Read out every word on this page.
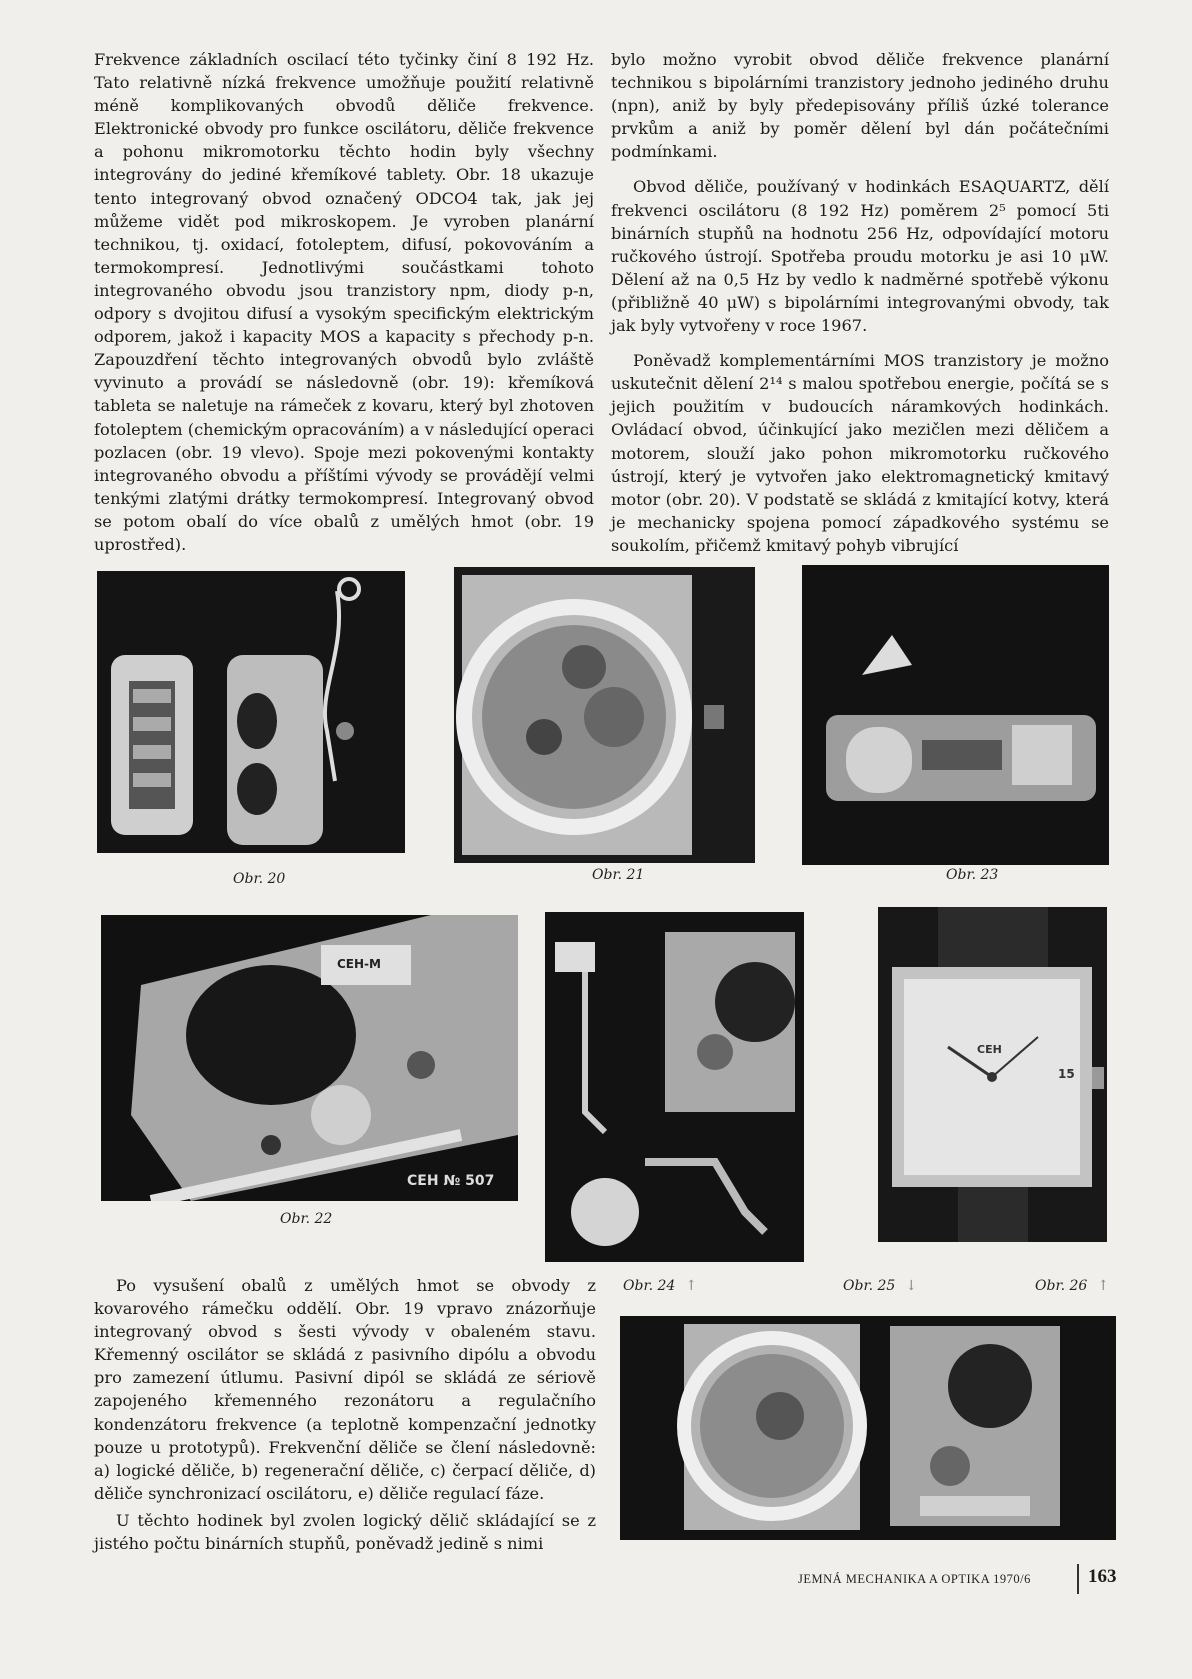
Frekvence základních oscilací této tyčinky činí 8 192 Hz. Tato relativně nízká frekvence umožňuje použití relativně méně komplikovaných obvodů děliče frekvence. Elektronické obvody pro funkce oscilátoru, děliče frekvence a pohonu mikromotorku těchto hodin byly všechny integrovány do jediné křemíkové tablety. Obr. 18 ukazuje tento integrovaný obvod označený ODCO4 tak, jak jej můžeme vidět pod mikroskopem. Je vyroben planární technikou, tj. oxidací, fotoleptem, difusí, pokovováním a termokompresí. Jednotlivými součástkami tohoto integrovaného obvodu jsou tranzistory npm, diody p-n, odpory s dvojitou difusí a vysokým specifickým elektrickým odporem, jakož i kapacity MOS a kapacity s přechody p-n. Zapouzdření těchto integrovaných obvodů bylo zvláště vyvinuto a provádí se následovně (obr. 19): křemíková tableta se naletuje na rámeček z kovaru, který byl zhotoven fotoleptem (chemickým opracováním) a v následující operaci pozlacen (obr. 19 vlevo). Spoje mezi pokovenými kontakty integrovaného obvodu a příštími vývody se provádějí velmi tenkými zlatými drátky termokompresí. Integrovaný obvod se potom obalí do více obalů z umělých hmot (obr. 19 uprostřed).

bylo možno vyrobit obvod děliče frekvence planární technikou s bipolárními tranzistory jednoho jediného druhu (npn), aniž by byly předepisovány příliš úzké tolerance prvkům a aniž by poměr dělení byl dán počátečními podmínkami.

Obvod děliče, používaný v hodinkách ESAQUARTZ, dělí frekvenci oscilátoru (8 192 Hz) poměrem 2⁵ pomocí 5ti binárních stupňů na hodnotu 256 Hz, odpovídající motoru ručkového ústrojí. Spotřeba proudu motorku je asi 10 μW. Dělení až na 0,5 Hz by vedlo k nadměrné spotřebě výkonu (přibližně 40 μW) s bipolárními integrovanými obvody, tak jak byly vytvořeny v roce 1967.

Poněvadž komplementárními MOS tranzistory je možno uskutečnit dělení 2¹⁴ s malou spotřebou energie, počítá se s jejich použitím v budoucích náramkových hodinkách. Ovládací obvod, účinkující jako mezičlen mezi děličem a motorem, slouží jako pohon mikromotorku ručkového ústrojí, který je vytvořen jako elektromagnetický kmitavý motor (obr. 20). V podstatě se skládá z kmitající kotvy, která je mechanicky spojena pomocí západkového systému se soukolím, přičemž kmitavý pohyb vibrující

Obr. 20	Obr. 21	Obr. 23
CEH-M
CEH № 507
Obr. 22
CEH
15
Obr. 24 ↑	Obr. 25 ↓	Obr. 26 ↑

Po vysušení obalů z umělých hmot se obvody z kovarového rámečku oddělí. Obr. 19 vpravo znázorňuje integrovaný obvod s šesti vývody v obaleném stavu. Křemenný oscilátor se skládá z pasivního dipólu a obvodu pro zamezení útlumu. Pasivní dipól se skládá ze sériově zapojeného křemenného rezonátoru a regulačního kondenzátoru frekvence (a teplotně kompenzační jednotky pouze u prototypů). Frekvenční děliče se člení následovně: a) logické děliče, b) regenerační děliče, c) čerpací děliče, d) děliče synchronizací oscilátoru, e) děliče regulací fáze.

U těchto hodinek byl zvolen logický dělič skládající se z jistého počtu binárních stupňů, poněvadž jedině s nimi

JEMNÁ MECHANIKA A OPTIKA 1970/6	163
